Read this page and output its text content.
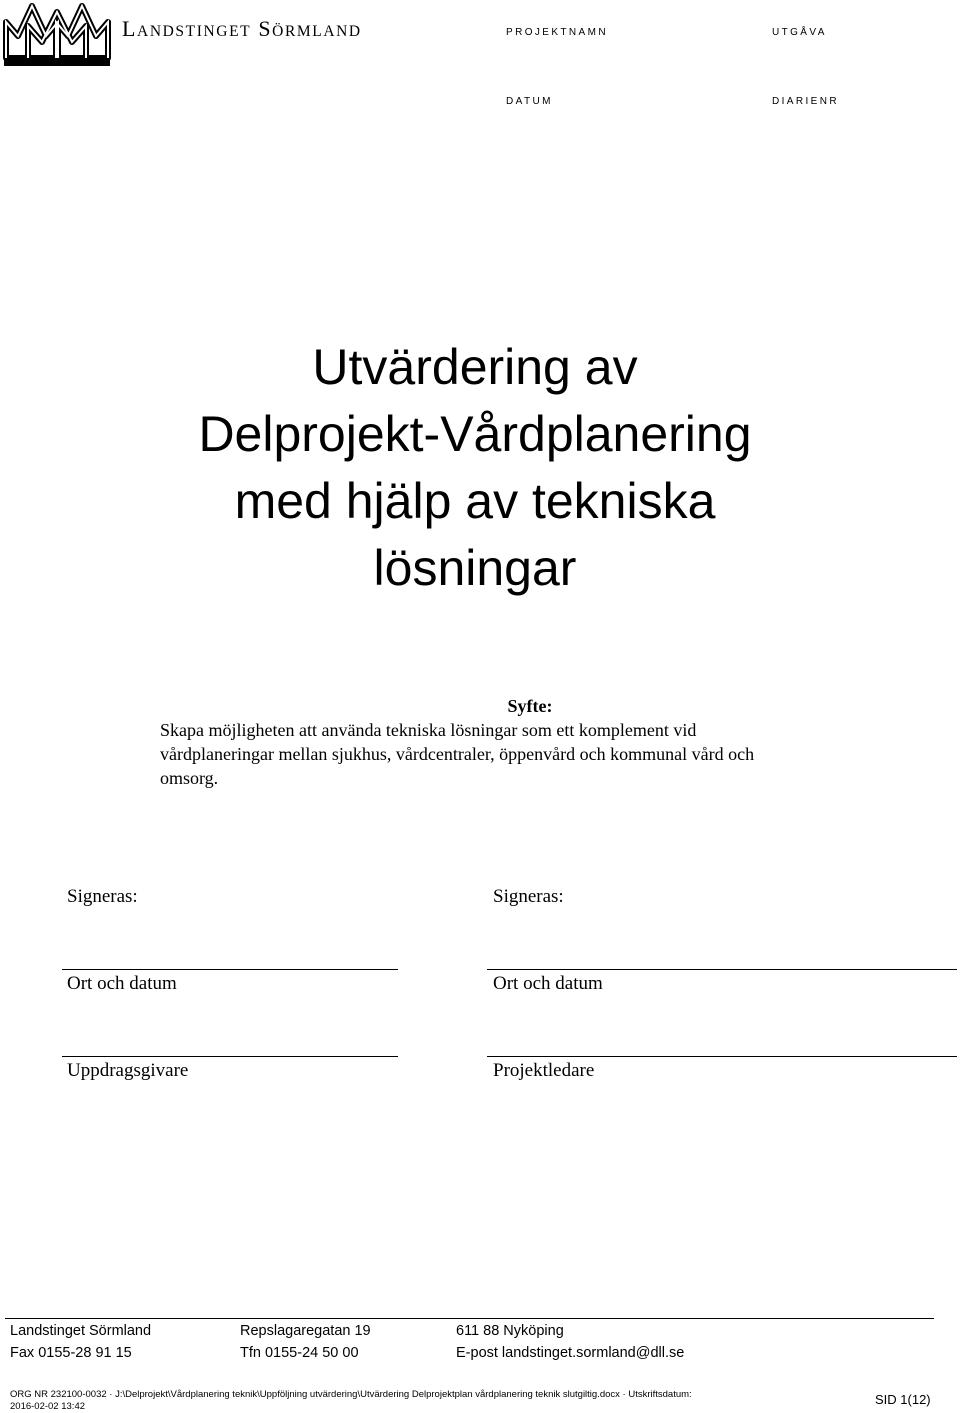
LANDSTINGET SÖRMLAND	PROJEKTNAMN	UTGÅVA
DATUM	DIARIENR
Utvärdering av
Delprojekt-Vårdplanering
med hjälp av tekniska
lösningar
Syfte:
Skapa möjligheten att använda tekniska lösningar som ett komplement vid
vårdplaneringar mellan sjukhus, vårdcentraler, öppenvård och kommunal vård och
omsorg.
Signeras:	Signeras:
Ort och datum	Ort och datum
Uppdragsgivare	Projektledare
Landstinget Sörmland	Repslagaregatan 19	611 88 Nyköping
Fax 0155-28 91 15	Tfn 0155-24 50 00	E-post landstinget.sormland@dll.se
ORG NR 232100-0032 · J:\Delprojekt\Vårdplanering teknik\Uppföljning utvärdering\Utvärdering Delprojektplan vårdplanering teknik slutgiltig.docx · Utskriftsdatum: 2016-02-02 13:42	SID 1(12)
